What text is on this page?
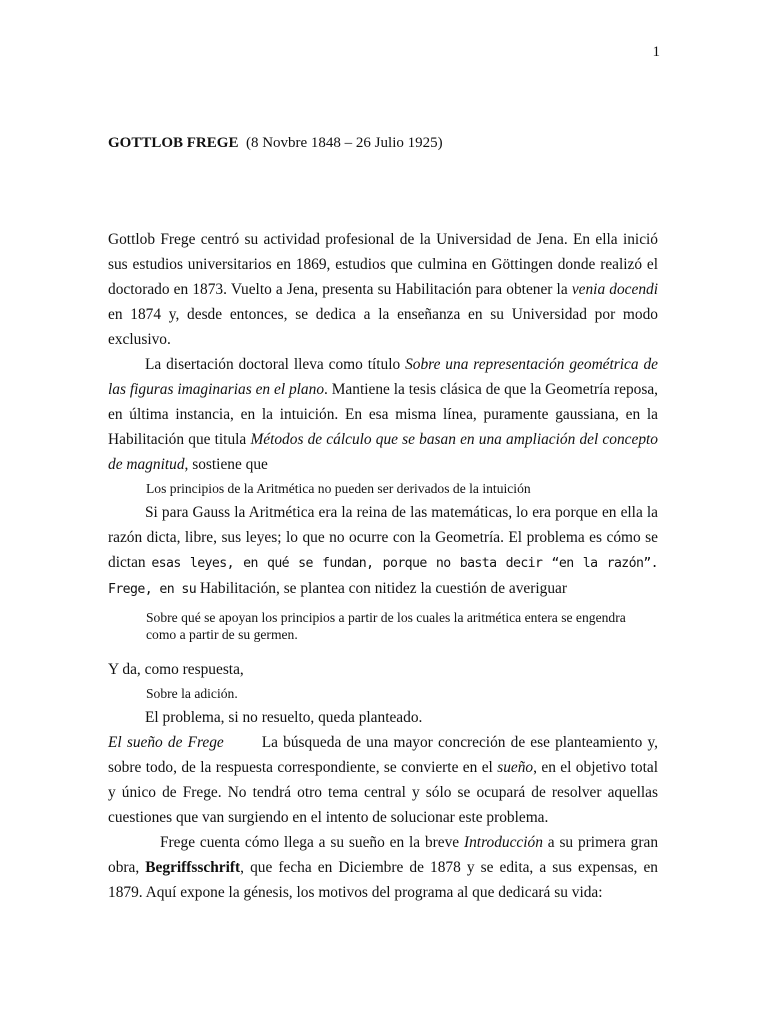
1
GOTTLOB FREGE (8 Novbre 1848 – 26 Julio 1925)

Gottlob Frege centró su actividad profesional de la Universidad de Jena. En ella inició sus estudios universitarios en 1869, estudios que culmina en Göttingen donde realizó el doctorado en 1873. Vuelto a Jena, presenta su Habilitación para obtener la venia docendi en 1874 y, desde entonces, se dedica a la enseñanza en su Universidad por modo exclusivo.

La disertación doctoral lleva como título Sobre una representación geométrica de las figuras imaginarias en el plano. Mantiene la tesis clásica de que la Geometría reposa, en última instancia, en la intuición. En esa misma línea, puramente gaussiana, en la Habilitación que titula Métodos de cálculo que se basan en una ampliación del concepto de magnitud, sostiene que

Los principios de la Aritmética no pueden ser derivados de la intuición

Si para Gauss la Aritmética era la reina de las matemáticas, lo era porque en ella la razón dicta, libre, sus leyes; lo que no ocurre con la Geometría. El problema es cómo se dictan esas leyes, en qué se fundan, porque no basta decir “en la razón”. Frege, en su Habilitación, se plantea con nitidez la cuestión de averiguar

Sobre qué se apoyan los principios a partir de los cuales la aritmética entera se engendra como a partir de su germen.

Y da, como respuesta,

Sobre la adición.

El problema, si no resuelto, queda planteado.

El sueño de Frege La búsqueda de una mayor concreción de ese planteamiento y, sobre todo, de la respuesta correspondiente, se convierte en el sueño, en el objetivo total y único de Frege. No tendrá otro tema central y sólo se ocupará de resolver aquellas cuestiones que van surgiendo en el intento de solucionar este problema.

Frege cuenta cómo llega a su sueño en la breve Introducción a su primera gran obra, Begriffsschrift, que fecha en Diciembre de 1878 y se edita, a sus expensas, en 1879. Aquí expone la génesis, los motivos del programa al que dedicará su vida:
